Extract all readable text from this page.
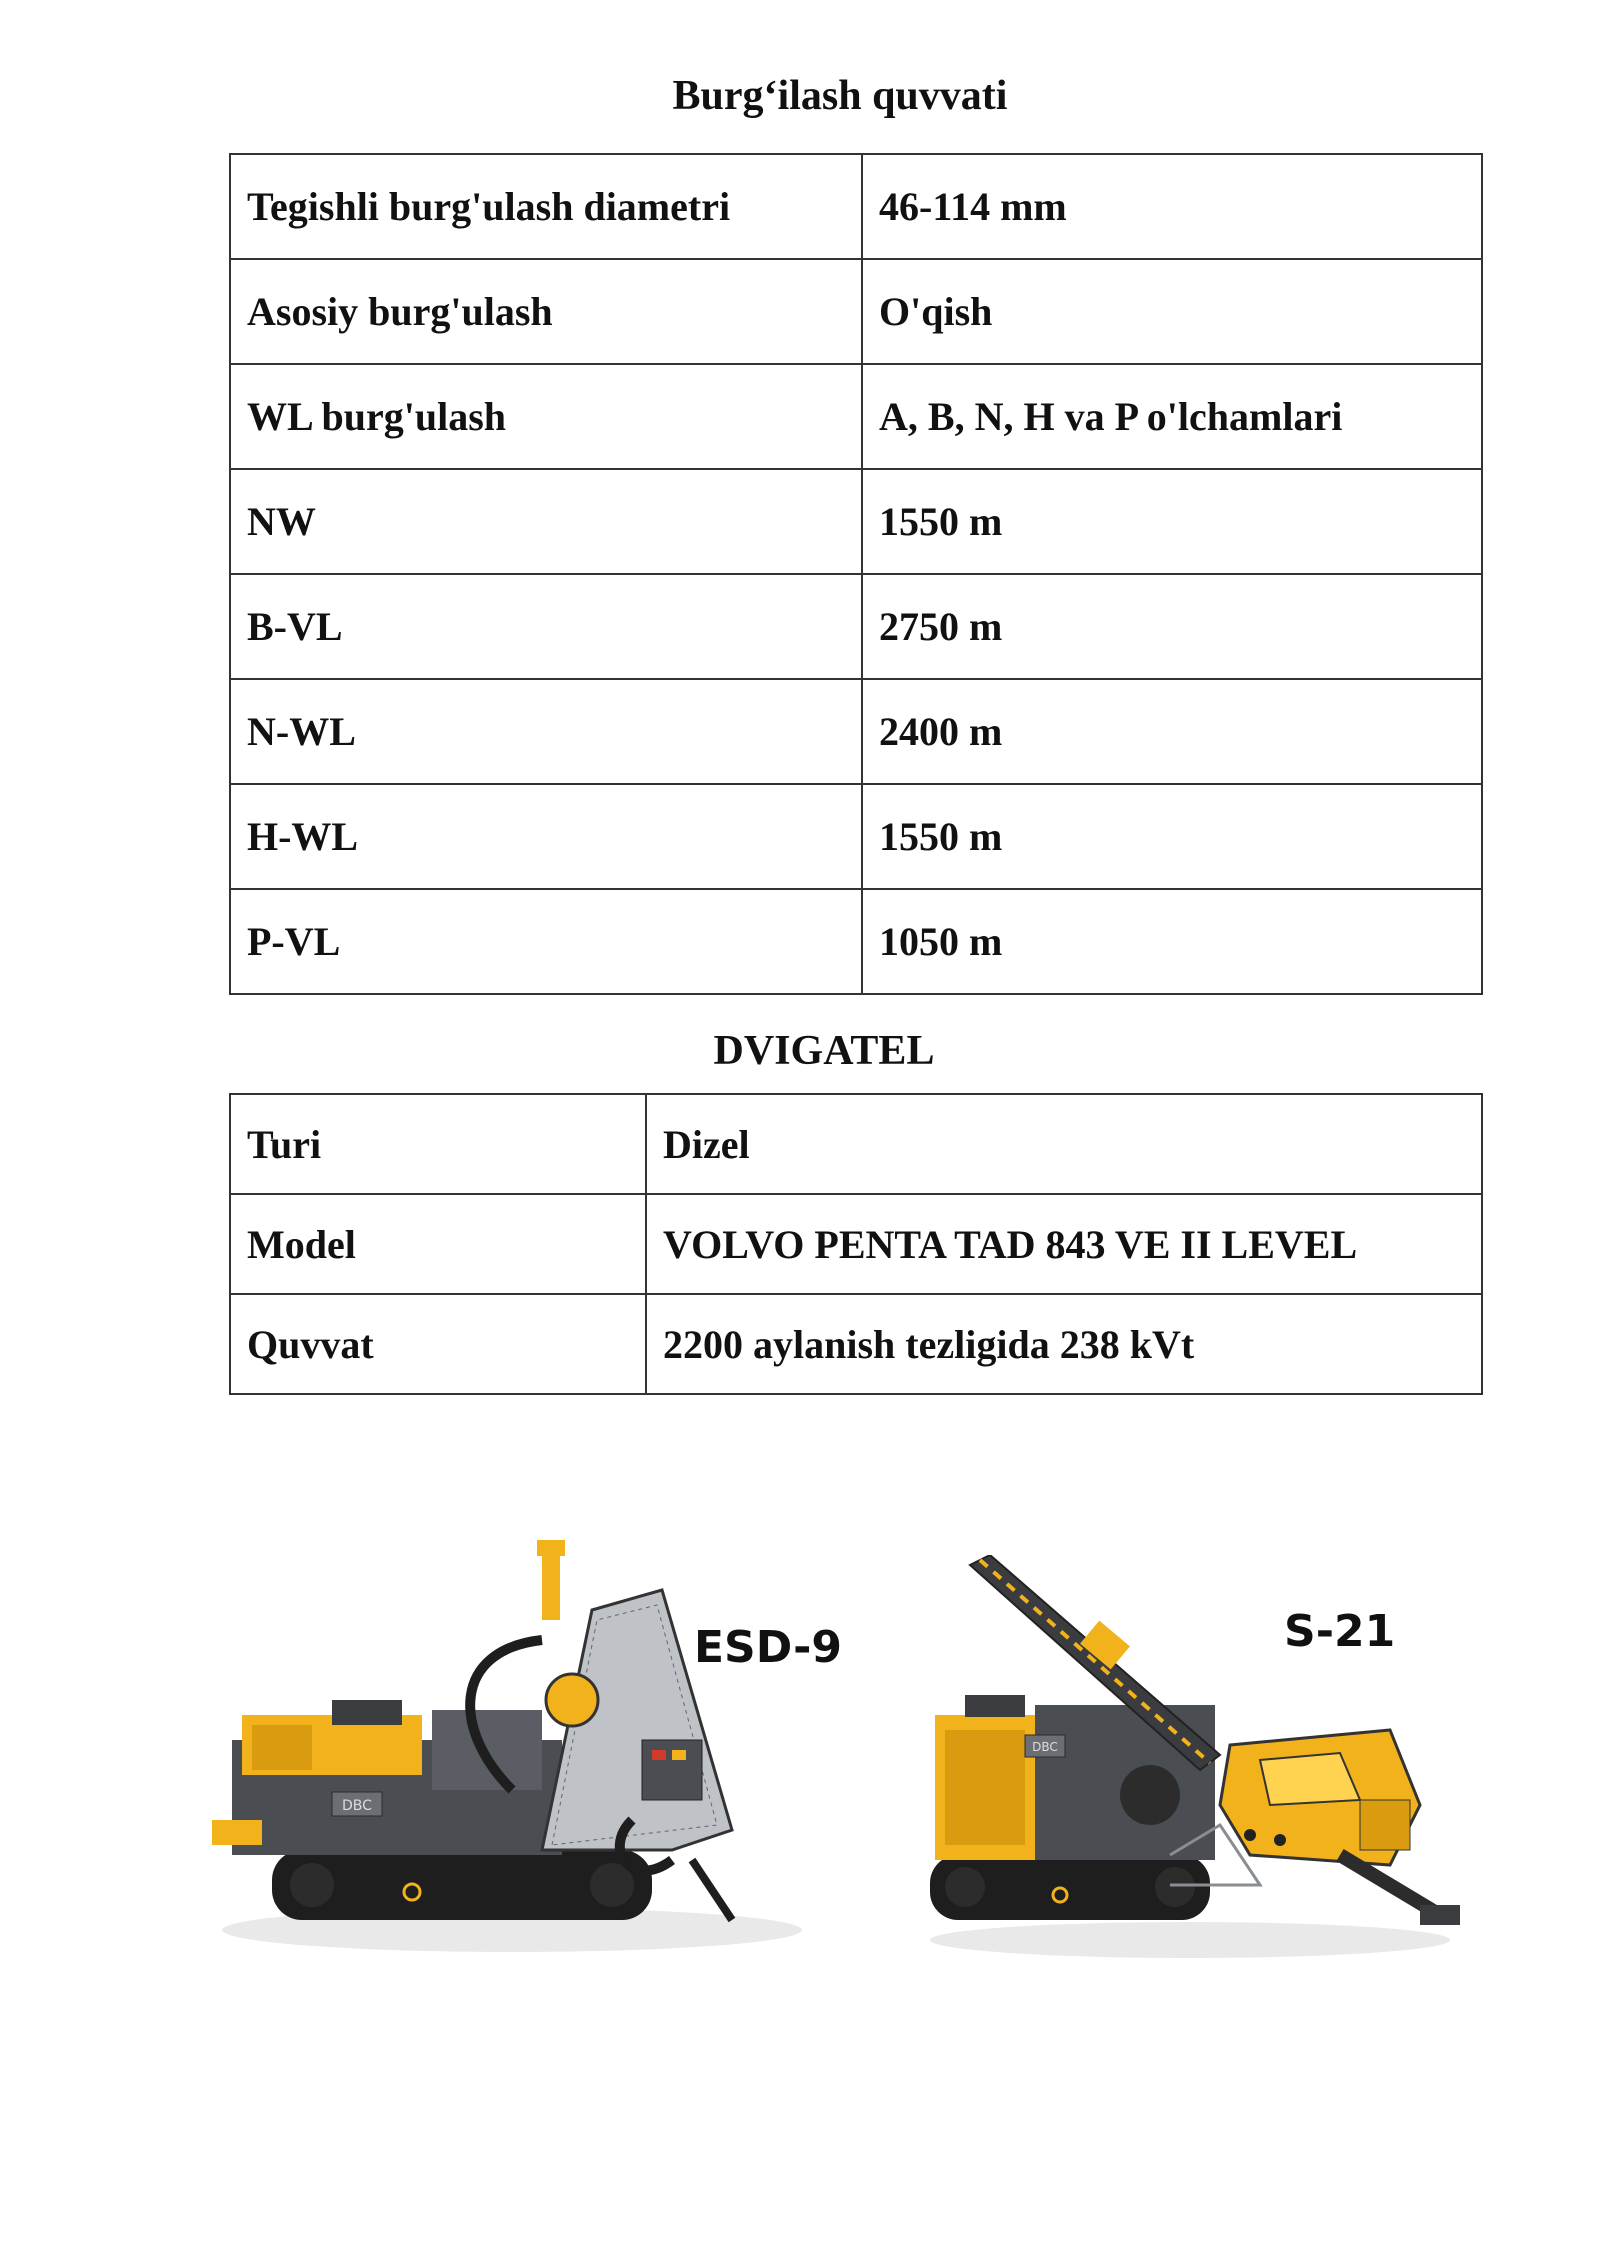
Burg‘ilash quvvati
Tegishli burg'ulash diametri	46-114 mm
Asosiy burg'ulash	O'qish
WL burg'ulash	A, B, N, H va P o'lchamlari
NW	1550 m
B-VL	2750 m
N-WL	2400 m
H-WL	1550 m
P-VL	1050 m
DVIGATEL
Turi	Dizel
Model	VOLVO PENTA TAD 843 VE II LEVEL
Quvvat	2200 aylanish tezligida 238 kVt
DBC
ESD-9
DBC
S-21
